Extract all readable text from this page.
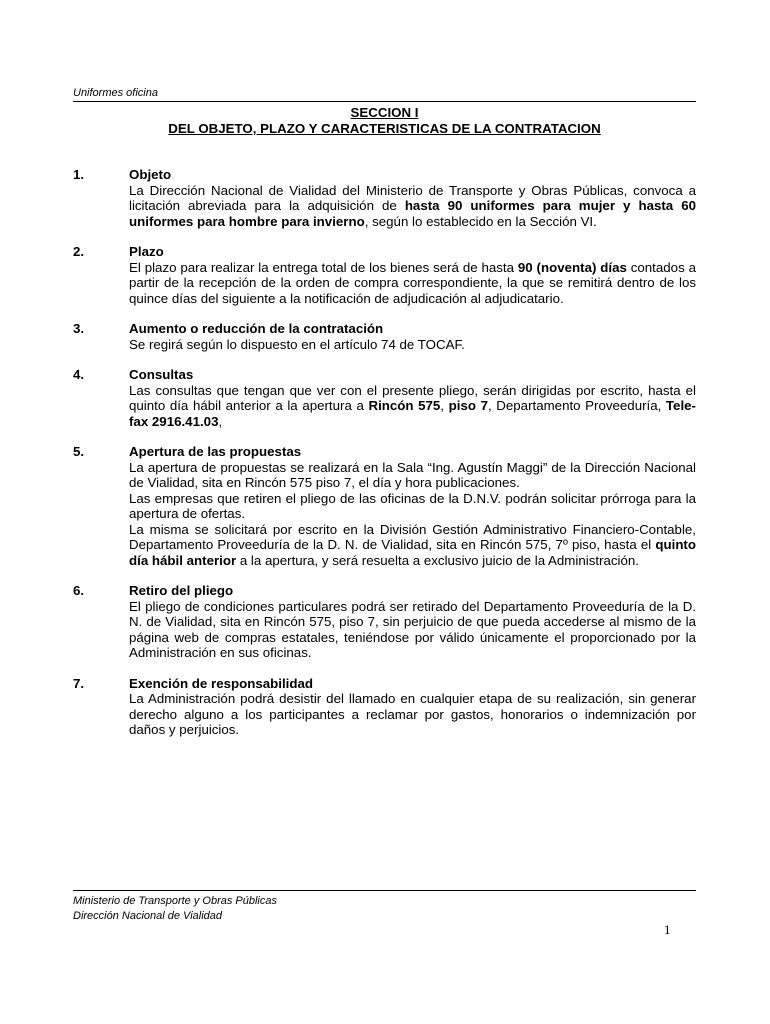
Uniformes oficina
SECCION I
DEL OBJETO, PLAZO Y CARACTERISTICAS DE LA CONTRATACION
1.	Objeto

La Dirección Nacional de Vialidad del Ministerio de Transporte y Obras Públicas, convoca a licitación abreviada para la adquisición de hasta 90 uniformes para mujer y hasta 60 uniformes para hombre para invierno, según lo establecido en la Sección VI.

2.	Plazo

El plazo para realizar la entrega total de los bienes será de hasta 90 (noventa) días contados a partir de la recepción de la orden de compra correspondiente, la que se remitirá dentro de los quince días del siguiente a la notificación de adjudicación al adjudicatario.

3.	Aumento o reducción de la contratación

Se regirá según lo dispuesto en el artículo 74 de TOCAF.

4.	Consultas

Las consultas que tengan que ver con el presente pliego, serán dirigidas por escrito, hasta el quinto día hábil anterior a la apertura a Rincón 575, piso 7, Departamento Proveeduría, Tele-fax 2916.41.03,

5.	Apertura de las propuestas

La apertura de propuestas se realizará en la Sala “Ing. Agustín Maggi” de la Dirección Nacional de Vialidad, sita en Rincón 575 piso 7, el día y hora publicaciones.

Las empresas que retiren el pliego de las oficinas de la D.N.V. podrán solicitar prórroga para la apertura de ofertas.

La misma se solicitará por escrito en la División Gestión Administrativo Financiero-Contable, Departamento Proveeduría de la D. N. de Vialidad, sita en Rincón 575, 7º piso, hasta el quinto día hábil anterior a la apertura, y será resuelta a exclusivo juicio de la Administración.

6.	Retiro del pliego

El pliego de condiciones particulares podrá ser retirado del Departamento Proveeduría de la D. N. de Vialidad, sita en Rincón 575, piso 7, sin perjuicio de que pueda accederse al mismo de la página web de compras estatales, teniéndose por válido únicamente el proporcionado por la Administración en sus oficinas.

7.	Exención de responsabilidad

La Administración podrá desistir del llamado en cualquier etapa de su realización, sin generar derecho alguno a los participantes a reclamar por gastos, honorarios o indemnización por daños y perjuicios.

Ministerio de Transporte y Obras Públicas
Dirección Nacional de Vialidad
1
